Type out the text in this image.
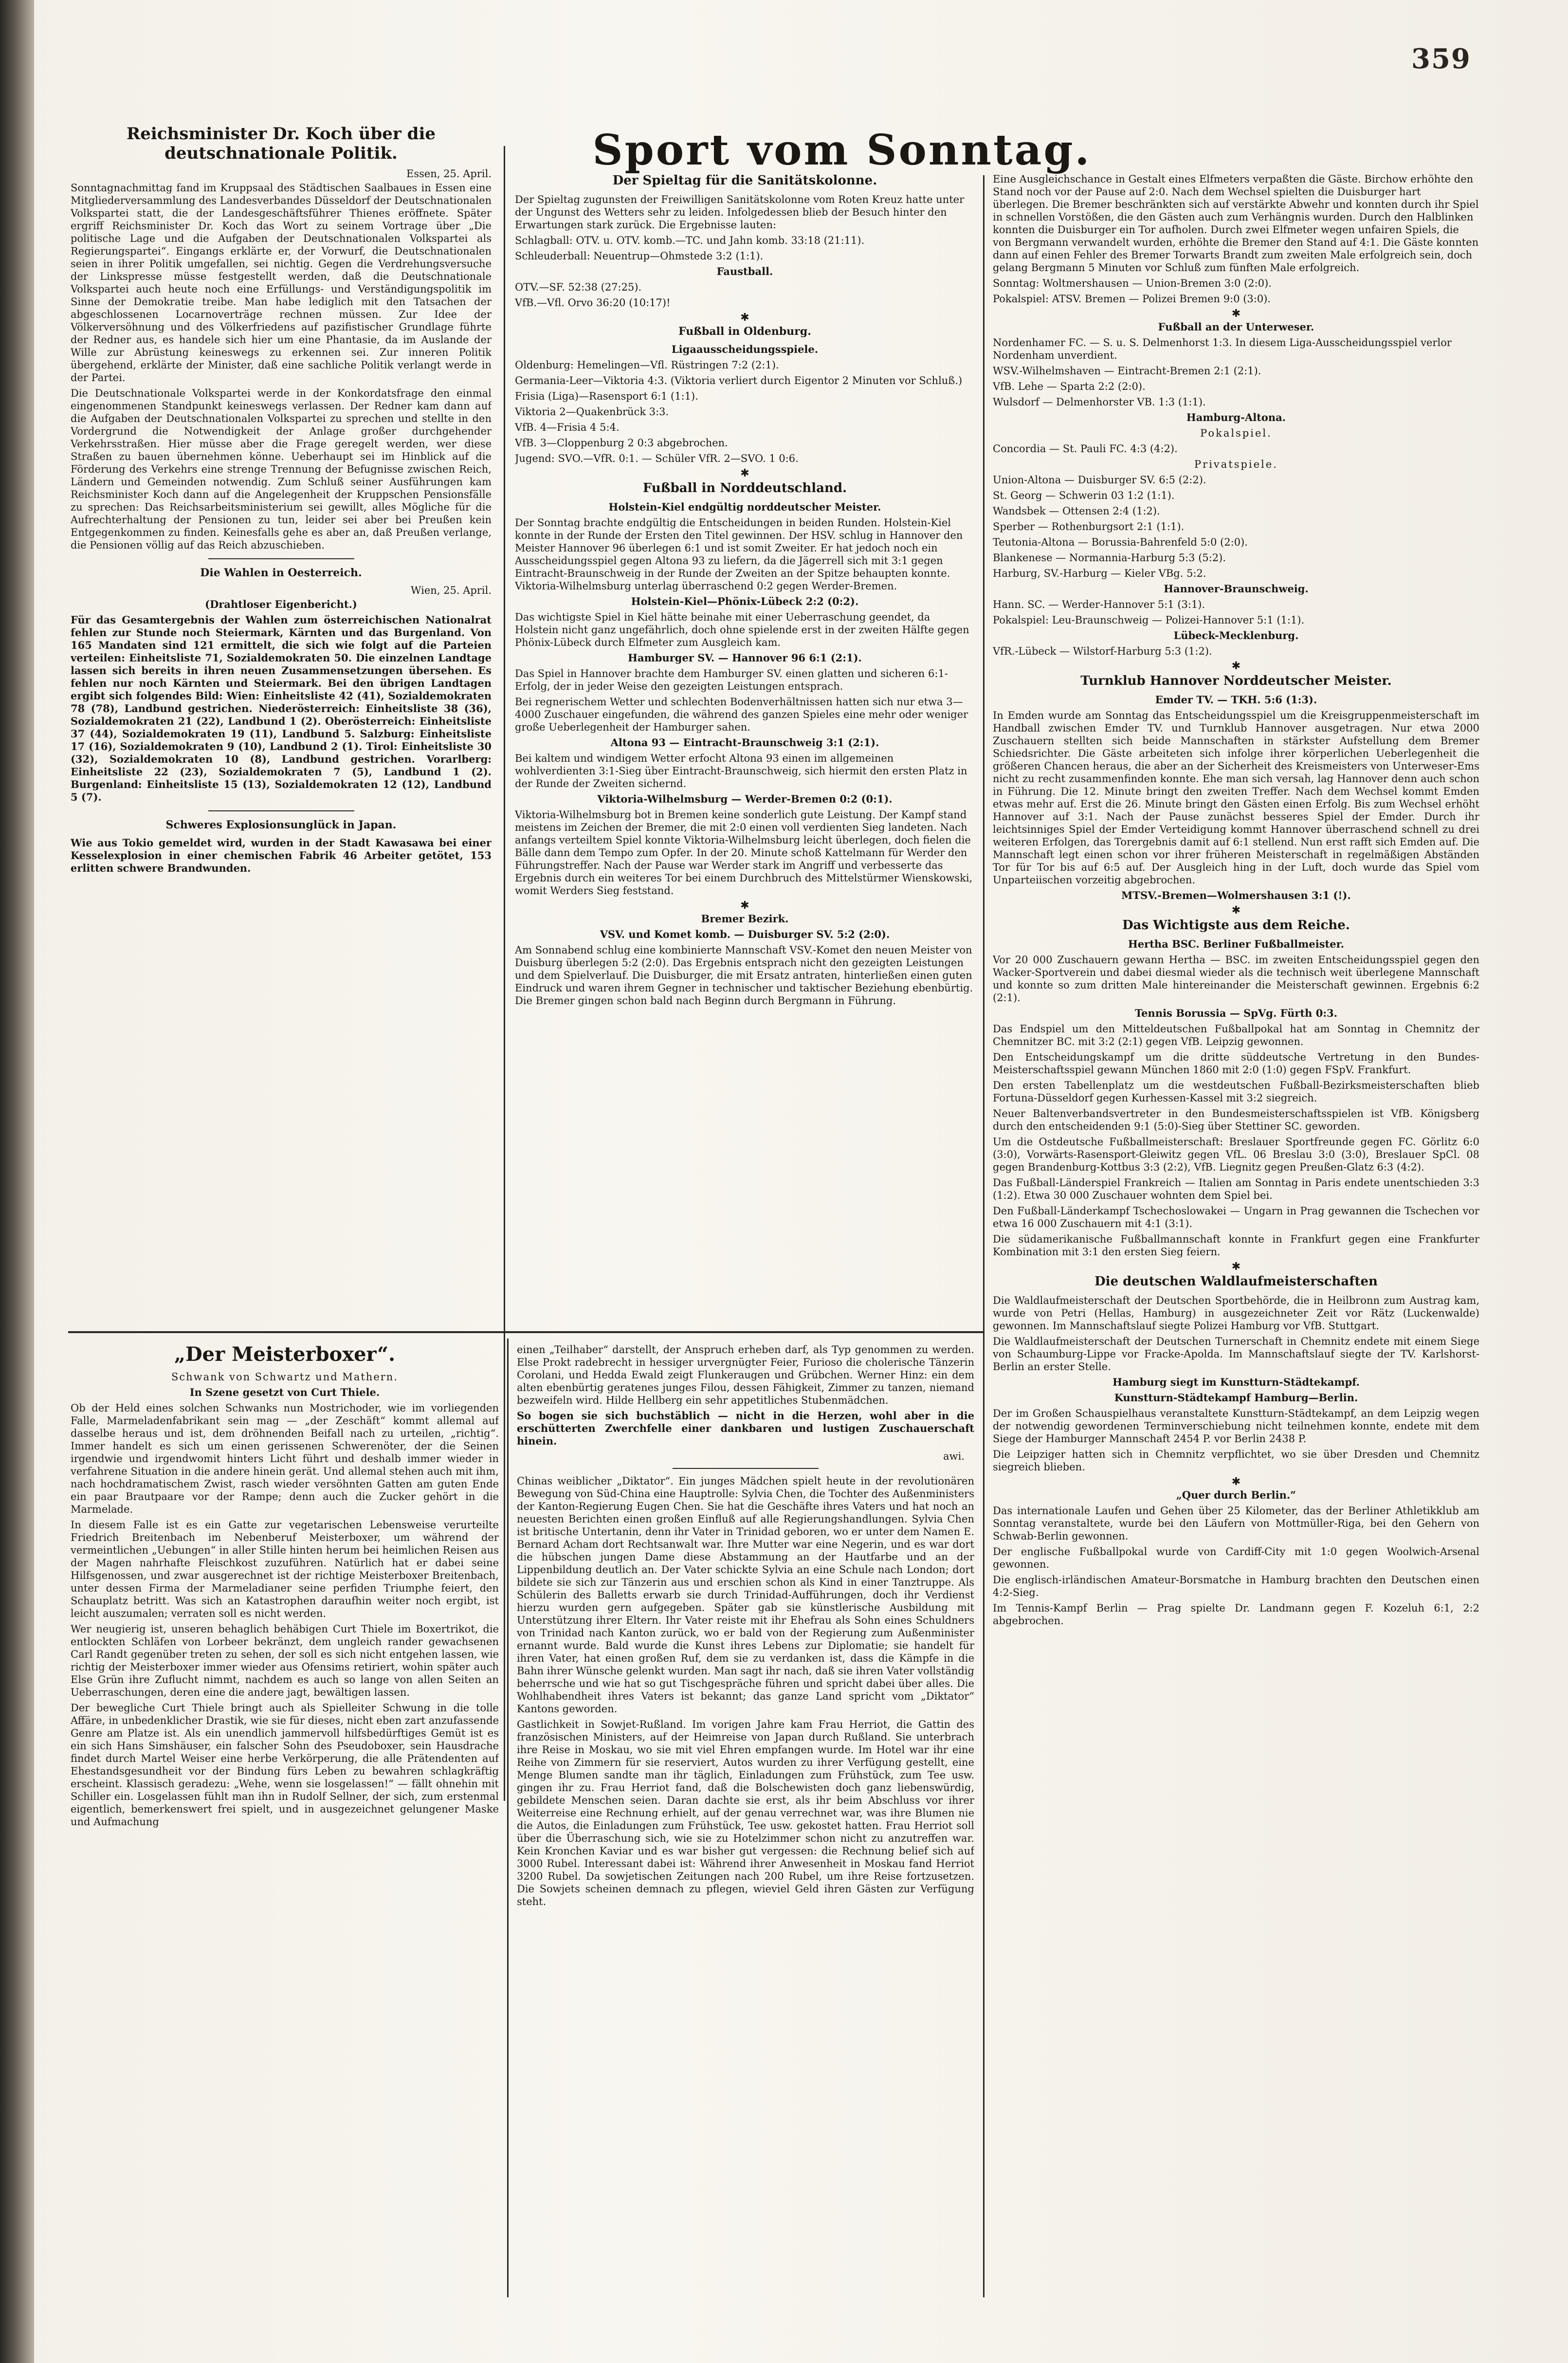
359
Reichsminister Dr. Koch über die deutschnationale Politik.
Essen, 25. April.

Sonntagnachmittag fand im Kruppsaal des Städtischen Saalbaues in Essen eine Mitgliederversammlung des Landesverbandes Düsseldorf der Deutschnationalen Volkspartei statt, die der Landesgeschäftsführer Thienes eröffnete. Später ergriff Reichsminister Dr. Koch das Wort zu seinem Vortrage über „Die politische Lage und die Aufgaben der Deutschnationalen Volkspartei als Regierungspartei“. Eingangs erklärte er, der Vorwurf, die Deutschnationalen seien in ihrer Politik umgefallen, sei nichtig. Gegen die Verdrehungsversuche der Linkspresse müsse festgestellt werden, daß die Deutschnationale Volkspartei auch heute noch eine Erfüllungs- und Verständigungspolitik im Sinne der Demokratie treibe. Man habe lediglich mit den Tatsachen der abgeschlossenen Locarnoverträge rechnen müssen. Zur Idee der Völkerversöhnung und des Völkerfriedens auf pazifistischer Grundlage führte der Redner aus, es handele sich hier um eine Phantasie, da im Auslande der Wille zur Abrüstung keineswegs zu erkennen sei. Zur inneren Politik übergehend, erklärte der Minister, daß eine sachliche Politik verlangt werde in der Partei.

Die Deutschnationale Volkspartei werde in der Konkordatsfrage den einmal eingenommenen Standpunkt keineswegs verlassen. Der Redner kam dann auf die Aufgaben der Deutschnationalen Volkspartei zu sprechen und stellte in den Vordergrund die Notwendigkeit der Anlage großer durchgehender Verkehrsstraßen. Hier müsse aber die Frage geregelt werden, wer diese Straßen zu bauen übernehmen könne. Ueberhaupt sei im Hinblick auf die Förderung des Verkehrs eine strenge Trennung der Befugnisse zwischen Reich, Ländern und Gemeinden notwendig. Zum Schluß seiner Ausführungen kam Reichsminister Koch dann auf die Angelegenheit der Kruppschen Pensionsfälle zu sprechen: Das Reichsarbeitsministerium sei gewillt, alles Mögliche für die Aufrechterhaltung der Pensionen zu tun, leider sei aber bei Preußen kein Entgegenkommen zu finden. Keinesfalls gehe es aber an, daß Preußen verlange, die Pensionen völlig auf das Reich abzuschieben.

Die Wahlen in Oesterreich.
Wien, 25. April.
(Drahtloser Eigenbericht.)

Für das Gesamtergebnis der Wahlen zum österreichischen Nationalrat fehlen zur Stunde noch Steiermark, Kärnten und das Burgenland. Von 165 Mandaten sind 121 ermittelt, die sich wie folgt auf die Parteien verteilen: Einheitsliste 71, Sozialdemokraten 50. Die einzelnen Landtage lassen sich bereits in ihren neuen Zusammensetzungen übersehen. Es fehlen nur noch Kärnten und Steiermark. Bei den übrigen Landtagen ergibt sich folgendes Bild: Wien: Einheitsliste 42 (41), Sozialdemokraten 78 (78), Landbund gestrichen. Niederösterreich: Einheitsliste 38 (36), Sozialdemokraten 21 (22), Landbund 1 (2). Oberösterreich: Einheitsliste 37 (44), Sozialdemokraten 19 (11), Landbund 5. Salzburg: Einheitsliste 17 (16), Sozialdemokraten 9 (10), Landbund 2 (1). Tirol: Einheitsliste 30 (32), Sozialdemokraten 10 (8), Landbund gestrichen. Vorarlberg: Einheitsliste 22 (23), Sozialdemokraten 7 (5), Landbund 1 (2). Burgenland: Einheitsliste 15 (13), Sozialdemokraten 12 (12), Landbund 5 (7).

Schweres Explosionsunglück in Japan.

Wie aus Tokio gemeldet wird, wurden in der Stadt Kawasawa bei einer Kesselexplosion in einer chemischen Fabrik 46 Arbeiter getötet, 153 erlitten schwere Brandwunden.

Sport vom Sonntag.
Der Spieltag für die Sanitätskolonne.

Der Spieltag zugunsten der Freiwilligen Sanitätskolonne vom Roten Kreuz hatte unter der Ungunst des Wetters sehr zu leiden. Infolgedessen blieb der Besuch hinter den Erwartungen stark zurück. Die Ergebnisse lauten:

Schlagball: OTV. u. OTV. komb.—TC. und Jahn komb. 33:18 (21:11).

Schleuderball: Neuentrup—Ohmstede 3:2 (1:1).

Faustball.

OTV.—SF. 52:38 (27:25).

VfB.—Vfl. Orvo 36:20 (10:17)!

✱
Fußball in Oldenburg.
Ligaausscheidungsspiele.

Oldenburg: Hemelingen—Vfl. Rüstringen 7:2 (2:1).

Germania-Leer—Viktoria 4:3. (Viktoria verliert durch Eigentor 2 Minuten vor Schluß.)

Frisia (Liga)—Rasensport 6:1 (1:1).

Viktoria 2—Quakenbrück 3:3.

VfB. 4—Frisia 4 5:4.

VfB. 3—Cloppenburg 2 0:3 abgebrochen.

Jugend: SVO.—VfR. 0:1. — Schüler VfR. 2—SVO. 1 0:6.

✱
Fußball in Norddeutschland.
Holstein-Kiel endgültig norddeutscher Meister.

Der Sonntag brachte endgültig die Entscheidungen in beiden Runden. Holstein-Kiel konnte in der Runde der Ersten den Titel gewinnen. Der HSV. schlug in Hannover den Meister Hannover 96 überlegen 6:1 und ist somit Zweiter. Er hat jedoch noch ein Ausscheidungsspiel gegen Altona 93 zu liefern, da die Jägerrell sich mit 3:1 gegen Eintracht-Braunschweig in der Runde der Zweiten an der Spitze behaupten konnte. Viktoria-Wilhelmsburg unterlag überraschend 0:2 gegen Werder-Bremen.

Holstein-Kiel—Phönix-Lübeck 2:2 (0:2).

Das wichtigste Spiel in Kiel hätte beinahe mit einer Ueberraschung geendet, da Holstein nicht ganz ungefährlich, doch ohne spielende erst in der zweiten Hälfte gegen Phönix-Lübeck durch Elfmeter zum Ausgleich kam.

Hamburger SV. — Hannover 96 6:1 (2:1).

Das Spiel in Hannover brachte dem Hamburger SV. einen glatten und sicheren 6:1-Erfolg, der in jeder Weise den gezeigten Leistungen entsprach.

Bei regnerischem Wetter und schlechten Bodenverhältnissen hatten sich nur etwa 3—4000 Zuschauer eingefunden, die während des ganzen Spieles eine mehr oder weniger große Ueberlegenheit der Hamburger sahen.

Altona 93 — Eintracht-Braunschweig 3:1 (2:1).

Bei kaltem und windigem Wetter erfocht Altona 93 einen im allgemeinen wohlverdienten 3:1-Sieg über Eintracht-Braunschweig, sich hiermit den ersten Platz in der Runde der Zweiten sichernd.

Viktoria-Wilhelmsburg — Werder-Bremen 0:2 (0:1).

Viktoria-Wilhelmsburg bot in Bremen keine sonderlich gute Leistung. Der Kampf stand meistens im Zeichen der Bremer, die mit 2:0 einen voll verdienten Sieg landeten. Nach anfangs verteiltem Spiel konnte Viktoria-Wilhelmsburg leicht überlegen, doch fielen die Bälle dann dem Tempo zum Opfer. In der 20. Minute schoß Kattelmann für Werder den Führungstreffer. Nach der Pause war Werder stark im Angriff und verbesserte das Ergebnis durch ein weiteres Tor bei einem Durchbruch des Mittelstürmer Wienskowski, womit Werders Sieg feststand.

✱
Bremer Bezirk.
VSV. und Komet komb. — Duisburger SV. 5:2 (2:0).

Am Sonnabend schlug eine kombinierte Mannschaft VSV.-Komet den neuen Meister von Duisburg überlegen 5:2 (2:0). Das Ergebnis entsprach nicht den gezeigten Leistungen und dem Spielverlauf. Die Duisburger, die mit Ersatz antraten, hinterließen einen guten Eindruck und waren ihrem Gegner in technischer und taktischer Beziehung ebenbürtig. Die Bremer gingen schon bald nach Beginn durch Bergmann in Führung.

Eine Ausgleichschance in Gestalt eines Elfmeters verpaßten die Gäste. Birchow erhöhte den Stand noch vor der Pause auf 2:0. Nach dem Wechsel spielten die Duisburger hart überlegen. Die Bremer beschränkten sich auf verstärkte Abwehr und konnten durch ihr Spiel in schnellen Vorstößen, die den Gästen auch zum Verhängnis wurden. Durch den Halblinken konnten die Duisburger ein Tor aufholen. Durch zwei Elfmeter wegen unfairen Spiels, die von Bergmann verwandelt wurden, erhöhte die Bremer den Stand auf 4:1. Die Gäste konnten dann auf einen Fehler des Bremer Torwarts Brandt zum zweiten Male erfolgreich sein, doch gelang Bergmann 5 Minuten vor Schluß zum fünften Male erfolgreich.

Sonntag: Woltmershausen — Union-Bremen 3:0 (2:0).

Pokalspiel: ATSV. Bremen — Polizei Bremen 9:0 (3:0).

✱
Fußball an der Unterweser.

Nordenhamer FC. — S. u. S. Delmenhorst 1:3. In diesem Liga-Ausscheidungsspiel verlor Nordenham unverdient.

WSV.-Wilhelmshaven — Eintracht-Bremen 2:1 (2:1).

VfB. Lehe — Sparta 2:2 (2:0).

Wulsdorf — Delmenhorster VB. 1:3 (1:1).

Hamburg-Altona.
Pokalspiel.

Concordia — St. Pauli FC. 4:3 (4:2).

Privatspiele.

Union-Altona — Duisburger SV. 6:5 (2:2).

St. Georg — Schwerin 03 1:2 (1:1).

Wandsbek — Ottensen 2:4 (1:2).

Sperber — Rothenburgsort 2:1 (1:1).

Teutonia-Altona — Borussia-Bahrenfeld 5:0 (2:0).

Blankenese — Normannia-Harburg 5:3 (5:2).

Harburg, SV.-Harburg — Kieler VBg. 5:2.

Hannover-Braunschweig.

Hann. SC. — Werder-Hannover 5:1 (3:1).

Pokalspiel: Leu-Braunschweig — Polizei-Hannover 5:1 (1:1).

Lübeck-Mecklenburg.

VfR.-Lübeck — Wilstorf-Harburg 5:3 (1:2).

✱
Turnklub Hannover Norddeutscher Meister.
Emder TV. — TKH. 5:6 (1:3).

In Emden wurde am Sonntag das Entscheidungsspiel um die Kreisgruppenmeisterschaft im Handball zwischen Emder TV. und Turnklub Hannover ausgetragen. Nur etwa 2000 Zuschauern stellten sich beide Mannschaften in stärkster Aufstellung dem Bremer Schiedsrichter. Die Gäste arbeiteten sich infolge ihrer körperlichen Ueberlegenheit die größeren Chancen heraus, die aber an der Sicherheit des Kreismeisters von Unterweser-Ems nicht zu recht zusammenfinden konnte. Ehe man sich versah, lag Hannover denn auch schon in Führung. Die 12. Minute bringt den zweiten Treffer. Nach dem Wechsel kommt Emden etwas mehr auf. Erst die 26. Minute bringt den Gästen einen Erfolg. Bis zum Wechsel erhöht Hannover auf 3:1. Nach der Pause zunächst besseres Spiel der Emder. Durch ihr leichtsinniges Spiel der Emder Verteidigung kommt Hannover überraschend schnell zu drei weiteren Erfolgen, das Torergebnis damit auf 6:1 stellend. Nun erst rafft sich Emden auf. Die Mannschaft legt einen schon vor ihrer früheren Meisterschaft in regelmäßigen Abständen Tor für Tor bis auf 6:5 auf. Der Ausgleich hing in der Luft, doch wurde das Spiel vom Unparteiischen vorzeitig abgebrochen.

MTSV.-Bremen—Wolmershausen 3:1 (!).
✱
Das Wichtigste aus dem Reiche.
Hertha BSC. Berliner Fußballmeister.

Vor 20 000 Zuschauern gewann Hertha — BSC. im zweiten Entscheidungsspiel gegen den Wacker-Sportverein und dabei diesmal wieder als die technisch weit überlegene Mannschaft und konnte so zum dritten Male hintereinander die Meisterschaft gewinnen. Ergebnis 6:2 (2:1).

Tennis Borussia — SpVg. Fürth 0:3.

Das Endspiel um den Mitteldeutschen Fußballpokal hat am Sonntag in Chemnitz der Chemnitzer BC. mit 3:2 (2:1) gegen VfB. Leipzig gewonnen.

Den Entscheidungskampf um die dritte süddeutsche Vertretung in den Bundes-Meisterschaftsspiel gewann München 1860 mit 2:0 (1:0) gegen FSpV. Frankfurt.

Den ersten Tabellenplatz um die westdeutschen Fußball-Bezirksmeisterschaften blieb Fortuna-Düsseldorf gegen Kurhessen-Kassel mit 3:2 siegreich.

Neuer Baltenverbandsvertreter in den Bundesmeisterschaftsspielen ist VfB. Königsberg durch den entscheidenden 9:1 (5:0)-Sieg über Stettiner SC. geworden.

Um die Ostdeutsche Fußballmeisterschaft: Breslauer Sportfreunde gegen FC. Görlitz 6:0 (3:0), Vorwärts-Rasensport-Gleiwitz gegen VfL. 06 Breslau 3:0 (3:0), Breslauer SpCl. 08 gegen Brandenburg-Kottbus 3:3 (2:2), VfB. Liegnitz gegen Preußen-Glatz 6:3 (4:2).

Das Fußball-Länderspiel Frankreich — Italien am Sonntag in Paris endete unentschieden 3:3 (1:2). Etwa 30 000 Zuschauer wohnten dem Spiel bei.

Den Fußball-Länderkampf Tschechoslowakei — Ungarn in Prag gewannen die Tschechen vor etwa 16 000 Zuschauern mit 4:1 (3:1).

Die südamerikanische Fußballmannschaft konnte in Frankfurt gegen eine Frankfurter Kombination mit 3:1 den ersten Sieg feiern.

✱
Die deutschen Waldlaufmeisterschaften

Die Waldlaufmeisterschaft der Deutschen Sportbehörde, die in Heilbronn zum Austrag kam, wurde von Petri (Hellas, Hamburg) in ausgezeichneter Zeit vor Rätz (Luckenwalde) gewonnen. Im Mannschaftslauf siegte Polizei Hamburg vor VfB. Stuttgart.

Die Waldlaufmeisterschaft der Deutschen Turnerschaft in Chemnitz endete mit einem Siege von Schaumburg-Lippe vor Fracke-Apolda. Im Mannschaftslauf siegte der TV. Karlshorst-Berlin an erster Stelle.

Hamburg siegt im Kunstturn-Städtekampf.
Kunstturn-Städtekampf Hamburg—Berlin.

Der im Großen Schauspielhaus veranstaltete Kunstturn-Städtekampf, an dem Leipzig wegen der notwendig gewordenen Terminverschiebung nicht teilnehmen konnte, endete mit dem Siege der Hamburger Mannschaft 2454 P. vor Berlin 2438 P.

Die Leipziger hatten sich in Chemnitz verpflichtet, wo sie über Dresden und Chemnitz siegreich blieben.

✱
„Quer durch Berlin.“

Das internationale Laufen und Gehen über 25 Kilometer, das der Berliner Athletikklub am Sonntag veranstaltete, wurde bei den Läufern von Mottmüller-Riga, bei den Gehern von Schwab-Berlin gewonnen.

Der englische Fußballpokal wurde von Cardiff-City mit 1:0 gegen Woolwich-Arsenal gewonnen.

Die englisch-irländischen Amateur-Borsmatche in Hamburg brachten den Deutschen einen 4:2-Sieg.

Im Tennis-Kampf Berlin — Prag spielte Dr. Landmann gegen F. Kozeluh 6:1, 2:2 abgebrochen.

„Der Meisterboxer“.
Schwank von Schwartz und Mathern.
In Szene gesetzt von Curt Thiele.

Ob der Held eines solchen Schwanks nun Mostrichoder, wie im vorliegenden Falle, Marmeladenfabrikant sein mag — „der Zeschäft“ kommt allemal auf dasselbe heraus und ist, dem dröhnenden Beifall nach zu urteilen, „richtig“. Immer handelt es sich um einen gerissenen Schwerenöter, der die Seinen irgendwie und irgendwomit hinters Licht führt und deshalb immer wieder in verfahrene Situation in die andere hinein gerät. Und allemal stehen auch mit ihm, nach hochdramatischem Zwist, rasch wieder versöhnten Gatten am guten Ende ein paar Brautpaare vor der Rampe; denn auch die Zucker gehört in die Marmelade.

In diesem Falle ist es ein Gatte zur vegetarischen Lebensweise verurteilte Friedrich Breitenbach im Nebenberuf Meisterboxer, um während der vermeintlichen „Uebungen“ in aller Stille hinten herum bei heimlichen Reisen aus der Magen nahrhafte Fleischkost zuzuführen. Natürlich hat er dabei seine Hilfsgenossen, und zwar ausgerechnet ist der richtige Meisterboxer Breitenbach, unter dessen Firma der Marmeladianer seine perfiden Triumphe feiert, den Schauplatz betritt. Was sich an Katastrophen daraufhin weiter noch ergibt, ist leicht auszumalen; verraten soll es nicht werden.

Wer neugierig ist, unseren behaglich behäbigen Curt Thiele im Boxertrikot, die entlockten Schläfen von Lorbeer bekränzt, dem ungleich rander gewachsenen Carl Randt gegenüber treten zu sehen, der soll es sich nicht entgehen lassen, wie richtig der Meisterboxer immer wieder aus Ofensims retiriert, wohin später auch Else Grün ihre Zuflucht nimmt, nachdem es auch so lange von allen Seiten an Ueberraschungen, deren eine die andere jagt, bewältigen lassen.

Der bewegliche Curt Thiele bringt auch als Spielleiter Schwung in die tolle Affäre, in unbedenklicher Drastik, wie sie für dieses, nicht eben zart anzufassende Genre am Platze ist. Als ein unendlich jammervoll hilfsbedürftiges Gemüt ist es ein sich Hans Simshäuser, ein falscher Sohn des Pseudoboxer, sein Hausdrache findet durch Martel Weiser eine herbe Verkörperung, die alle Prätendenten auf Ehestandsgesundheit vor der Bindung fürs Leben zu bewahren schlagkräftig erscheint. Klassisch geradezu: „Wehe, wenn sie losgelassen!“ — fällt ohnehin mit Schiller ein. Losgelassen fühlt man ihn in Rudolf Sellner, der sich, zum erstenmal eigentlich, bemerkenswert frei spielt, und in ausgezeichnet gelungener Maske und Aufmachung

einen „Teilhaber“ darstellt, der Anspruch erheben darf, als Typ genommen zu werden. Else Prokt radebrecht in hessiger urvergnügter Feier, Furioso die cholerische Tänzerin Corolani, und Hedda Ewald zeigt Flunkeraugen und Grübchen. Werner Hinz: ein dem alten ebenbürtig geratenes junges Filou, dessen Fähigkeit, Zimmer zu tanzen, niemand bezweifeln wird. Hilde Hellberg ein sehr appetitliches Stubenmädchen.

So bogen sie sich buchstäblich — nicht in die Herzen, wohl aber in die erschütterten Zwerchfelle einer dankbaren und lustigen Zuschauerschaft hinein.

awi.

Chinas weiblicher „Diktator“. Ein junges Mädchen spielt heute in der revolutionären Bewegung von Süd-China eine Hauptrolle: Sylvia Chen, die Tochter des Außenministers der Kanton-Regierung Eugen Chen. Sie hat die Geschäfte ihres Vaters und hat noch an neuesten Berichten einen großen Einfluß auf alle Regierungshandlungen. Sylvia Chen ist britische Untertanin, denn ihr Vater in Trinidad geboren, wo er unter dem Namen E. Bernard Acham dort Rechtsanwalt war. Ihre Mutter war eine Negerin, und es war dort die hübschen jungen Dame diese Abstammung an der Hautfarbe und an der Lippenbildung deutlich an. Der Vater schickte Sylvia an eine Schule nach London; dort bildete sie sich zur Tänzerin aus und erschien schon als Kind in einer Tanztruppe. Als Schülerin des Balletts erwarb sie durch Trinidad-Aufführungen, doch ihr Verdienst hierzu wurden gern aufgegeben. Später gab sie künstlerische Ausbildung mit Unterstützung ihrer Eltern. Ihr Vater reiste mit ihr Ehefrau als Sohn eines Schuldners von Trinidad nach Kanton zurück, wo er bald von der Regierung zum Außenminister ernannt wurde. Bald wurde die Kunst ihres Lebens zur Diplomatie; sie handelt für ihren Vater, hat einen großen Ruf, dem sie zu verdanken ist, dass die Kämpfe in die Bahn ihrer Wünsche gelenkt wurden. Man sagt ihr nach, daß sie ihren Vater vollständig beherrsche und wie hat so gut Tischgespräche führen und spricht dabei über alles. Die Wohlhabendheit ihres Vaters ist bekannt; das ganze Land spricht vom „Diktator“ Kantons geworden.

Gastlichkeit in Sowjet-Rußland. Im vorigen Jahre kam Frau Herriot, die Gattin des französischen Ministers, auf der Heimreise von Japan durch Rußland. Sie unterbrach ihre Reise in Moskau, wo sie mit viel Ehren empfangen wurde. Im Hotel war ihr eine Reihe von Zimmern für sie reserviert, Autos wurden zu ihrer Verfügung gestellt, eine Menge Blumen sandte man ihr täglich, Einladungen zum Frühstück, zum Tee usw. gingen ihr zu. Frau Herriot fand, daß die Bolschewisten doch ganz liebenswürdig, gebildete Menschen seien. Daran dachte sie erst, als ihr beim Abschluss vor ihrer Weiterreise eine Rechnung erhielt, auf der genau verrechnet war, was ihre Blumen nie die Autos, die Einladungen zum Frühstück, Tee usw. gekostet hatten. Frau Herriot soll über die Überraschung sich, wie sie zu Hotelzimmer schon nicht zu anzutreffen war. Kein Kronchen Kaviar und es war bisher gut vergessen: die Rechnung belief sich auf 3000 Rubel. Interessant dabei ist: Während ihrer Anwesenheit in Moskau fand Herriot 3200 Rubel. Da sowjetischen Zeitungen nach 200 Rubel, um ihre Reise fortzusetzen. Die Sowjets scheinen demnach zu pflegen, wieviel Geld ihren Gästen zur Verfügung steht.
